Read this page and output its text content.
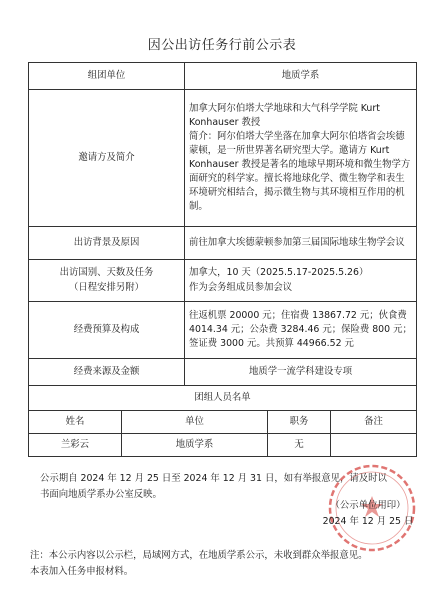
因公出访任务行前公示表
组团单位		地质学系		
邀请方及简介		加拿大阿尔伯塔大学地球和大气科学学院 Kurt Konhauser 教授
简介：阿尔伯塔大学坐落在加拿大阿尔伯塔省会埃德蒙顿，是一所世界著名研究型大学。邀请方 Kurt Konhauser 教授是著名的地球早期环境和微生物学方面研究的科学家。擅长将地球化学、微生物学和表生环境研究相结合，揭示微生物与其环境相互作用的机制。		

出访背景及原因		前往加拿大埃德蒙顿参加第三届国际地球生物学会议		

出访国别、天数及任务
（日程安排另附）		加拿大，10 天（2025.5.17-2025.5.26）
作为会务组成员参加会议		

经费预算及构成		往返机票 20000 元；住宿费 13867.72 元；伙食费 4014.34 元；公杂费 3284.46 元；保险费 800 元；签证费 3000 元。共预算 44966.52 元		
经费来源及金额		地质学一流学科建设专项		
团组人员名单				
姓名	单位		职务	备注
兰彩云	地质学系		无	
公示期自 2024 年 12 月 25 日至 2024 年 12 月 31 日，如有举报意见，请及时以
书面向地质学系办公室反映。
（公示单位用印）
2024 年 12 月 25 日
注：本公示内容以公示栏，局域网方式，在地质学系公示，未收到群众举报意见。
本表加入任务申报材料。
